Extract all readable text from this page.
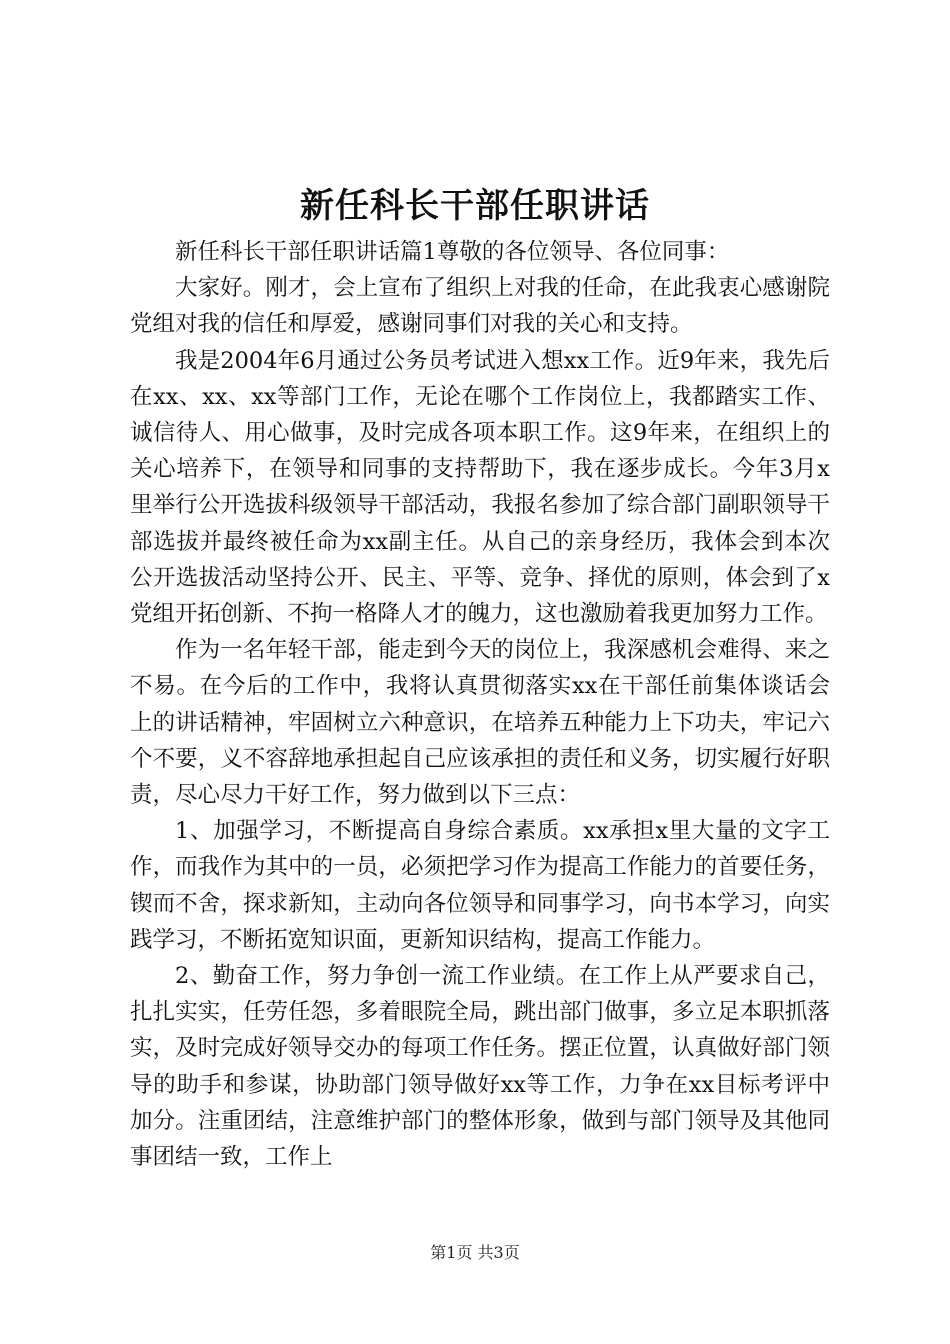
新任科长干部任职讲话

新任科长干部任职讲话篇1尊敬的各位领导、各位同事：

大家好。刚才，会上宣布了组织上对我的任命，在此我衷心感谢院党组对我的信任和厚爱，感谢同事们对我的关心和支持。

我是2004年6月通过公务员考试进入想xx工作。近9年来，我先后在xx、xx、xx等部门工作，无论在哪个工作岗位上，我都踏实工作、诚信待人、用心做事，及时完成各项本职工作。这9年来，在组织上的关心培养下，在领导和同事的支持帮助下，我在逐步成长。今年3月x里举行公开选拔科级领导干部活动，我报名参加了综合部门副职领导干部选拔并最终被任命为xx副主任。从自己的亲身经历，我体会到本次公开选拔活动坚持公开、民主、平等、竞争、择优的原则，体会到了x党组开拓创新、不拘一格降人才的魄力，这也激励着我更加努力工作。

作为一名年轻干部，能走到今天的岗位上，我深感机会难得、来之不易。在今后的工作中，我将认真贯彻落实xx在干部任前集体谈话会上的讲话精神，牢固树立六种意识，在培养五种能力上下功夫，牢记六个不要，义不容辞地承担起自己应该承担的责任和义务，切实履行好职责，尽心尽力干好工作，努力做到以下三点：

1、加强学习，不断提高自身综合素质。xx承担x里大量的文字工作，而我作为其中的一员，必须把学习作为提高工作能力的首要任务，锲而不舍，探求新知，主动向各位领导和同事学习，向书本学习，向实践学习，不断拓宽知识面，更新知识结构，提高工作能力。

2、勤奋工作，努力争创一流工作业绩。在工作上从严要求自己，扎扎实实，任劳任怨，多着眼院全局，跳出部门做事，多立足本职抓落实，及时完成好领导交办的每项工作任务。摆正位置，认真做好部门领导的助手和参谋，协助部门领导做好xx等工作，力争在xx目标考评中加分。注重团结，注意维护部门的整体形象，做到与部门领导及其他同事团结一致，工作上

第1页 共3页
